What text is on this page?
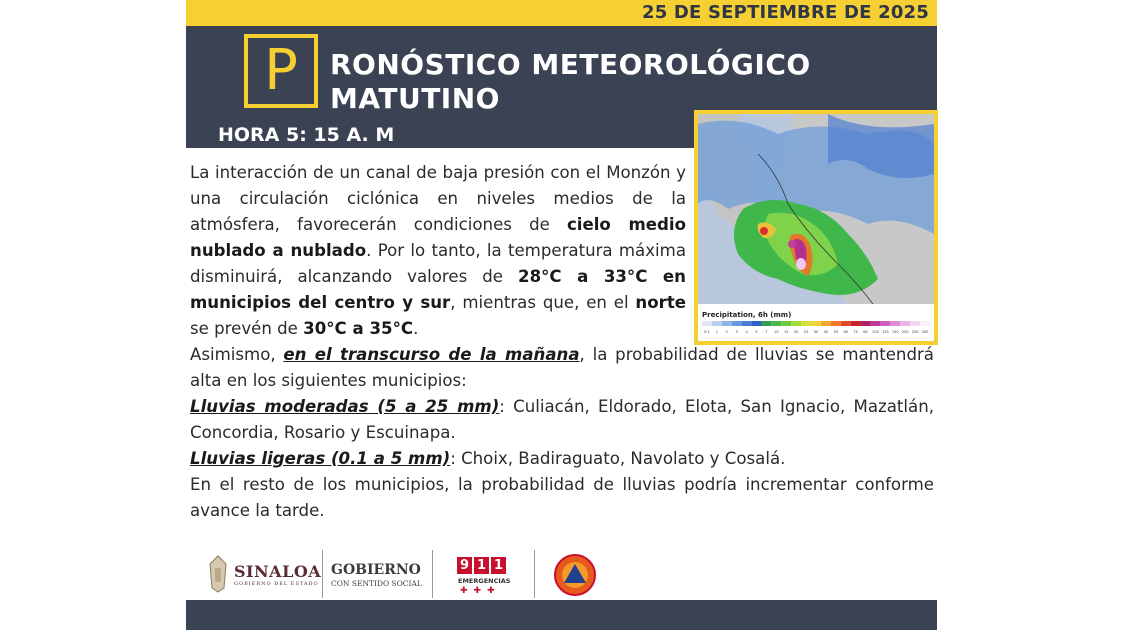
25 DE SEPTIEMBRE DE 2025
P	RONÓSTICO METEOROLÓGICO
MATUTINO
HORA 5: 15 A. M
Precipitation, 6h (mm)
0.1 1 2 3 4 5 7 10 15 20 25 30 40 50 60 70 80 100 125 150 200 250 300
La interacción de un canal de baja presión con el Monzón y una circulación ciclónica en niveles medios de la atmósfera, favorecerán condiciones de cielo medio nublado a nublado. Por lo tanto, la temperatura máxima disminuirá, alcanzando valores de 28°C a 33°C en municipios del centro y sur, mientras que, en el norte se prevén de 30°C a 35°C.

Asimismo, en el transcurso de la mañana, la probabilidad de lluvias se mantendrá alta en los siguientes municipios:

Lluvias moderadas (5 a 25 mm): Culiacán, Eldorado, Elota, San Ignacio, Mazatlán, Concordia, Rosario y Escuinapa.

Lluvias ligeras (0.1 a 5 mm): Choix, Badiraguato, Navolato y Cosalá.

En el resto de los municipios, la probabilidad de lluvias podría incrementar conforme avance la tarde.

SINALOA
GOBIERNO DEL ESTADO
GOBIERNO
CON SENTIDO SOCIAL
9 1 1
EMERGENCIAS
✚✚✚
